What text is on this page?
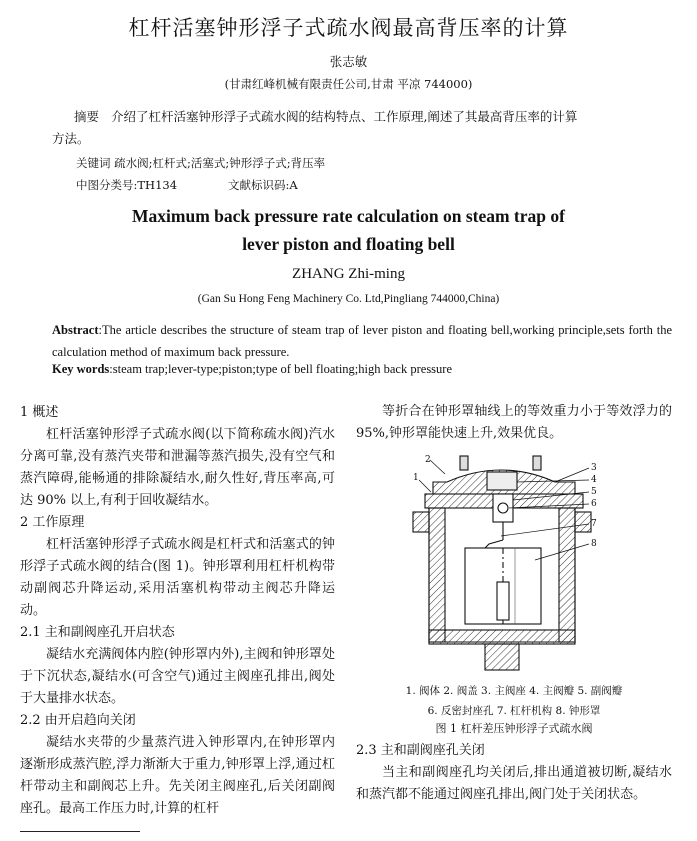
杠杆活塞钟形浮子式疏水阀最高背压率的计算
张志敏
(甘肃红峰机械有限责任公司,甘肃 平凉 744000)
摘要 介绍了杠杆活塞钟形浮子式疏水阀的结构特点、工作原理,阐述了其最高背压率的计算
方法。
关键词 疏水阀;杠杆式;活塞式;钟形浮子式;背压率
中图分类号:TH134	文献标识码:A
Maximum back pressure rate calculation on steam trap of
lever piston and floating bell
ZHANG Zhi-ming
(Gan Su Hong Feng Machinery Co. Ltd,Pingliang 744000,China)
Abstract:The article describes the structure of steam trap of lever piston and floating bell,working principle,sets forth the calculation method of maximum back pressure.
Key words:steam trap;lever-type;piston;type of bell floating;high back pressure
1 概述

杠杆活塞钟形浮子式疏水阀(以下简称疏水阀)汽水分离可靠,没有蒸汽夹带和泄漏等蒸汽损失,没有空气和蒸汽障碍,能畅通的排除凝结水,耐久性好,背压率高,可达 90% 以上,有利于回收凝结水。

2 工作原理

杠杆活塞钟形浮子式疏水阀是杠杆式和活塞式的钟形浮子式疏水阀的结合(图 1)。钟形罩利用杠杆机构带动副阀芯升降运动,采用活塞机构带动主阀芯升降运动。

2.1 主和副阀座孔开启状态

凝结水充满阀体内腔(钟形罩内外),主阀和钟形罩处于下沉状态,凝结水(可含空气)通过主阀座孔排出,阀处于大量排水状态。

2.2 由开启趋向关闭

凝结水夹带的少量蒸汽进入钟形罩内,在钟形罩内逐渐形成蒸汽腔,浮力渐渐大于重力,钟形罩上浮,通过杠杆带动主和副阀芯上升。先关闭主阀座孔,后关闭副阀座孔。最高工作压力时,计算的杠杆

等折合在钟形罩轴线上的等效重力小于等效浮力的 95%,钟形罩能快速上升,效果优良。

2
1
3
4
5
6
7
8
1. 阀体 2. 阀盖 3. 主阀座 4. 主阀瓣 5. 副阀瓣
6. 反密封座孔 7. 杠杆机构 8. 钟形罩
图 1 杠杆差压钟形浮子式疏水阀
2.3 主和副阀座孔关闭

当主和副阀座孔均关闭后,排出通道被切断,凝结水和蒸汽都不能通过阀座孔排出,阀门处于关闭状态。
